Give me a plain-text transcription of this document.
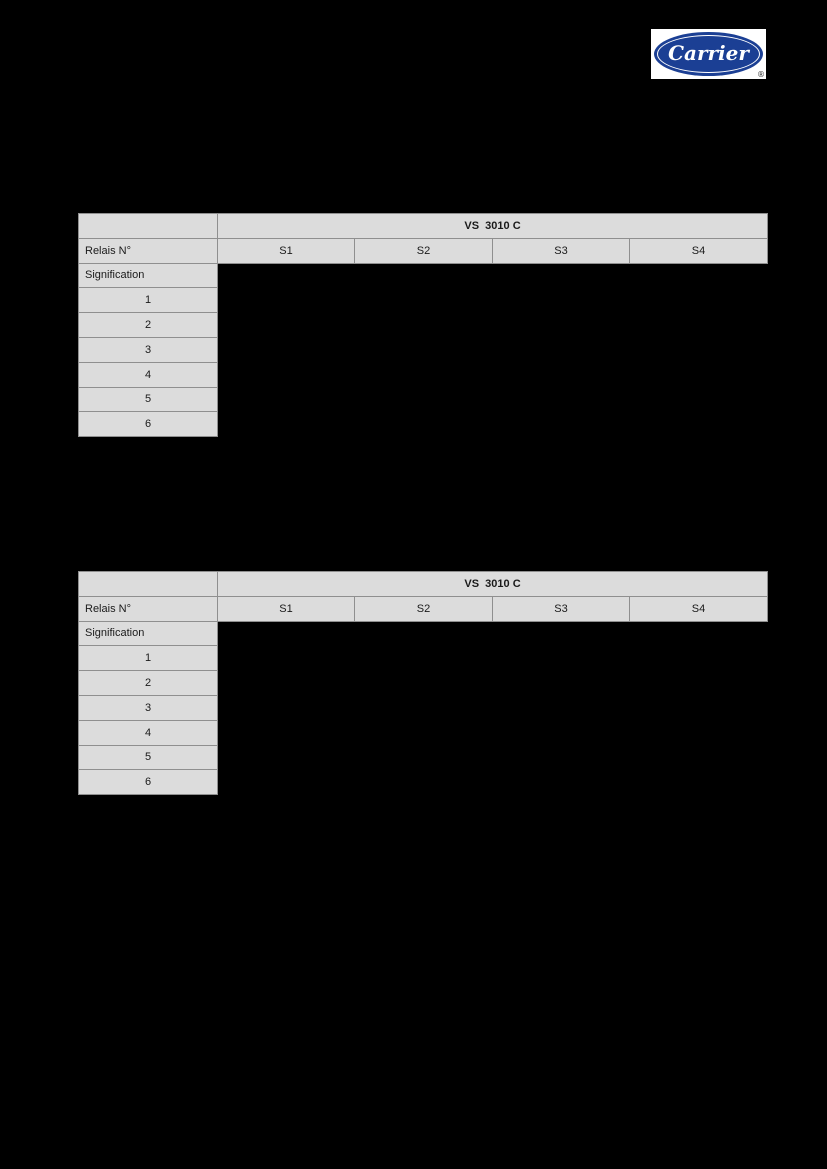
Carrier
®
	VS  3010 C			
Relais N°	S1	S2	S3	S4
Signification				
1				
2				
3				
4				
5				
6				
	VS  3010 C			
Relais N°	S1	S2	S3	S4
Signification				
1				
2				
3				
4				
5				
6				
